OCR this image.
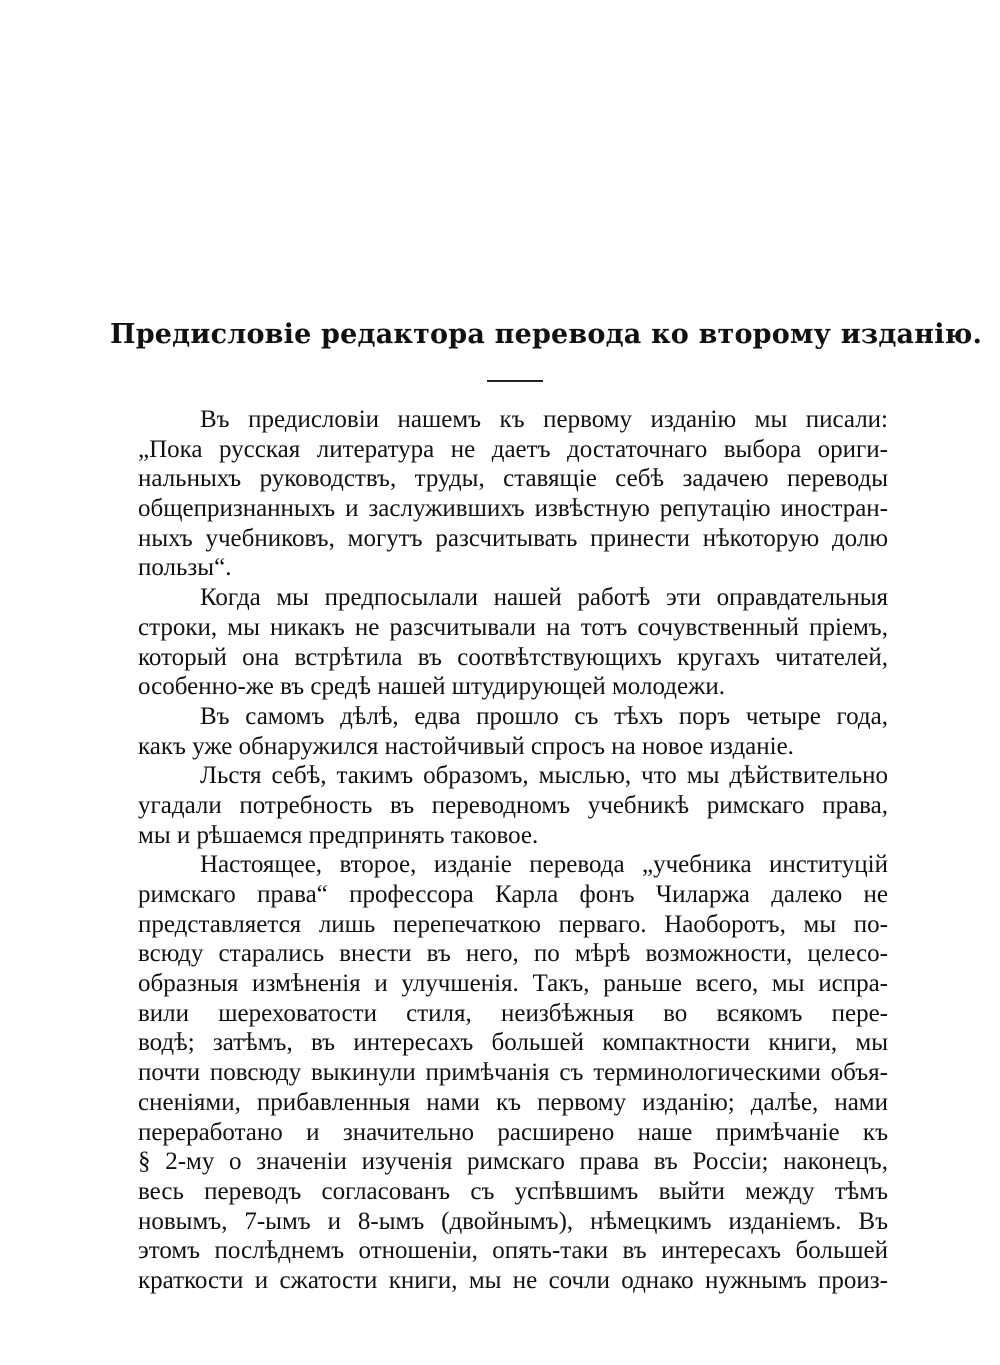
Предисловіе редактора перевода ко второму изданію.
Въ предисловіи нашемъ къ первому изданію мы писали:
„Пока русская литература не даетъ достаточнаго выбора ориги-
нальныхъ руководствъ, труды, ставящіе себѣ задачею переводы
общепризнанныхъ и заслужившихъ извѣстную репутацію иностран-
ныхъ учебниковъ, могутъ разсчитывать принести нѣкоторую долю
пользы“.
Когда мы предпосылали нашей работѣ эти оправдательныя
строки, мы никакъ не разсчитывали на тотъ сочувственный пріемъ,
который она встрѣтила въ соотвѣтствующихъ кругахъ читателей,
особенно-же въ средѣ нашей штудирующей молодежи.
Въ самомъ дѣлѣ, едва прошло съ тѣхъ поръ четыре года,
какъ уже обнаружился настойчивый спросъ на новое изданіе.
Льстя себѣ, такимъ образомъ, мыслью, что мы дѣйствительно
угадали потребность въ переводномъ учебникѣ римскаго права,
мы и рѣшаемся предпринять таковое.
Настоящее, второе, изданіе перевода „учебника институцій
римскаго права“ профессора Карла фонъ Чиларжа далеко не
представляется лишь перепечаткою перваго. Наоборотъ, мы по-
всюду старались внести въ него, по мѣрѣ возможности, целесо-
образныя измѣненія и улучшенія. Такъ, раньше всего, мы испра-
вили шереховатости стиля, неизбѣжныя во всякомъ пере-
водѣ; затѣмъ, въ интересахъ большей компактности книги, мы
почти повсюду выкинули примѣчанія съ терминологическими объя-
сненіями, прибавленныя нами къ первому изданію; далѣе, нами
переработано и значительно расширено наше примѣчаніе къ
§ 2-му о значеніи изученія римскаго права въ Россіи; наконецъ,
весь переводъ согласованъ съ успѣвшимъ выйти между тѣмъ
новымъ, 7-ымъ и 8-ымъ (двойнымъ), нѣмецкимъ изданіемъ. Въ
этомъ послѣднемъ отношеніи, опять-таки въ интересахъ большей
краткости и сжатости книги, мы не сочли однако нужнымъ произ-
